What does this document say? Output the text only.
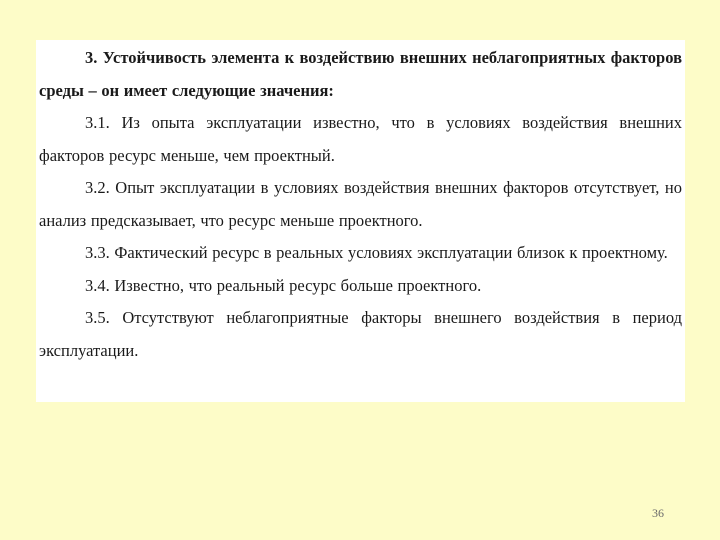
3. Устойчивость элемента к воздействию внешних неблагоприятных факторов среды – он имеет следующие значения:

3.1. Из опыта эксплуатации известно, что в условиях воздействия внешних факторов ресурс меньше, чем проектный.

3.2. Опыт эксплуатации в условиях воздействия внешних факторов отсутствует, но анализ предсказывает, что ресурс меньше проектного.

3.3. Фактический ресурс в реальных условиях эксплуатации близок к проектному.

3.4. Известно, что реальный ресурс больше проектного.

3.5. Отсутствуют неблагоприятные факторы внешнего воздействия в период эксплуатации.

36
